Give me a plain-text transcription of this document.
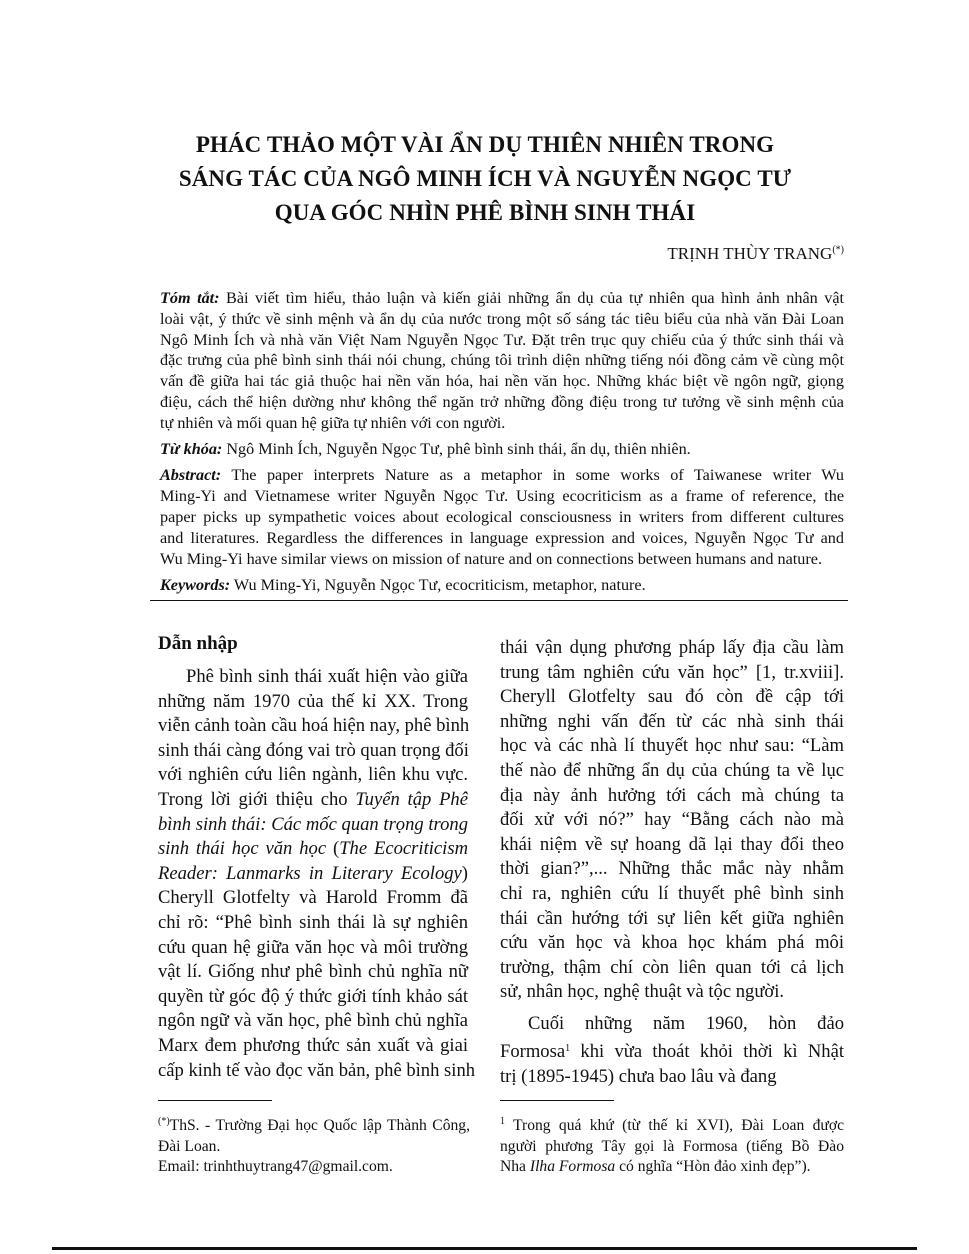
PHÁC THẢO MỘT VÀI ẨN DỤ THIÊN NHIÊN TRONG
SÁNG TÁC CỦA NGÔ MINH ÍCH VÀ NGUYỄN NGỌC TƯ
QUA GÓC NHÌN PHÊ BÌNH SINH THÁI
TRỊNH THÙY TRANG(*)
Tóm tắt: Bài viết tìm hiểu, thảo luận và kiến giải những ẩn dụ của tự nhiên qua hình ảnh nhân vật
loài vật, ý thức về sinh mệnh và ẩn dụ của nước trong một số sáng tác tiêu biểu của nhà văn Đài Loan
Ngô Minh Ích và nhà văn Việt Nam Nguyễn Ngọc Tư. Đặt trên trục quy chiếu của ý thức sinh thái và
đặc trưng của phê bình sinh thái nói chung, chúng tôi trình diện những tiếng nói đồng cảm về cùng một
vấn đề giữa hai tác giả thuộc hai nền văn hóa, hai nền văn học. Những khác biệt về ngôn ngữ, giọng
điệu, cách thể hiện dường như không thể ngăn trở những đồng điệu trong tư tưởng về sinh mệnh của
tự nhiên và mối quan hệ giữa tự nhiên với con người.
Từ khóa: Ngô Minh Ích, Nguyễn Ngọc Tư, phê bình sinh thái, ẩn dụ, thiên nhiên.
Abstract: The paper interprets Nature as a metaphor in some works of Taiwanese writer Wu
Ming-Yi and Vietnamese writer Nguyễn Ngọc Tư. Using ecocriticism as a frame of reference, the
paper picks up sympathetic voices about ecological consciousness in writers from different cultures
and literatures. Regardless the differences in language expression and voices, Nguyễn Ngọc Tư and
Wu Ming-Yi have similar views on mission of nature and on connections between humans and nature.
Keywords: Wu Ming-Yi, Nguyễn Ngọc Tư, ecocriticism, metaphor, nature.
Dẫn nhập
Phê bình sinh thái xuất hiện vào giữa
những năm 1970 của thế kỉ XX. Trong
viễn cảnh toàn cầu hoá hiện nay, phê bình
sinh thái càng đóng vai trò quan trọng đối
với nghiên cứu liên ngành, liên khu vực.
Trong lời giới thiệu cho Tuyển tập Phê
bình sinh thái: Các mốc quan trọng trong
sinh thái học văn học (The Ecocriticism
Reader: Lanmarks in Literary Ecology)
Cheryll Glotfelty và Harold Fromm đã
chỉ rõ: “Phê bình sinh thái là sự nghiên
cứu quan hệ giữa văn học và môi trường
vật lí. Giống như phê bình chủ nghĩa nữ
quyền từ góc độ ý thức giới tính khảo sát
ngôn ngữ và văn học, phê bình chủ nghĩa
Marx đem phương thức sản xuất và giai
cấp kinh tế vào đọc văn bản, phê bình sinh
thái vận dụng phương pháp lấy địa cầu làm
trung tâm nghiên cứu văn học” [1, tr.xviii].
Cheryll Glotfelty sau đó còn đề cập tới
những nghi vấn đến từ các nhà sinh thái
học và các nhà lí thuyết học như sau: “Làm
thế nào để những ẩn dụ của chúng ta về lục
địa này ảnh hưởng tới cách mà chúng ta
đối xử với nó?” hay “Bằng cách nào mà
khái niệm về sự hoang dã lại thay đổi theo
thời gian?”,... Những thắc mắc này nhằm
chỉ ra, nghiên cứu lí thuyết phê bình sinh
thái cần hướng tới sự liên kết giữa nghiên
cứu văn học và khoa học khám phá môi
trường, thậm chí còn liên quan tới cả lịch
sử, nhân học, nghệ thuật và tộc người.
Cuối những năm 1960, hòn đảo
Formosa$^1$ khi vừa thoát khỏi thời kì Nhật
trị (1895-1945) chưa bao lâu và đang
(*)ThS. - Trường Đại học Quốc lập Thành Công,
Đài Loan.
Email: trinhthuytrang47@gmail.com.
$^1$ Trong quá khứ (từ thế kỉ XVI), Đài Loan được
người phương Tây gọi là Formosa (tiếng Bồ Đào
Nha Ilha Formosa có nghĩa “Hòn đảo xinh đẹp”).
